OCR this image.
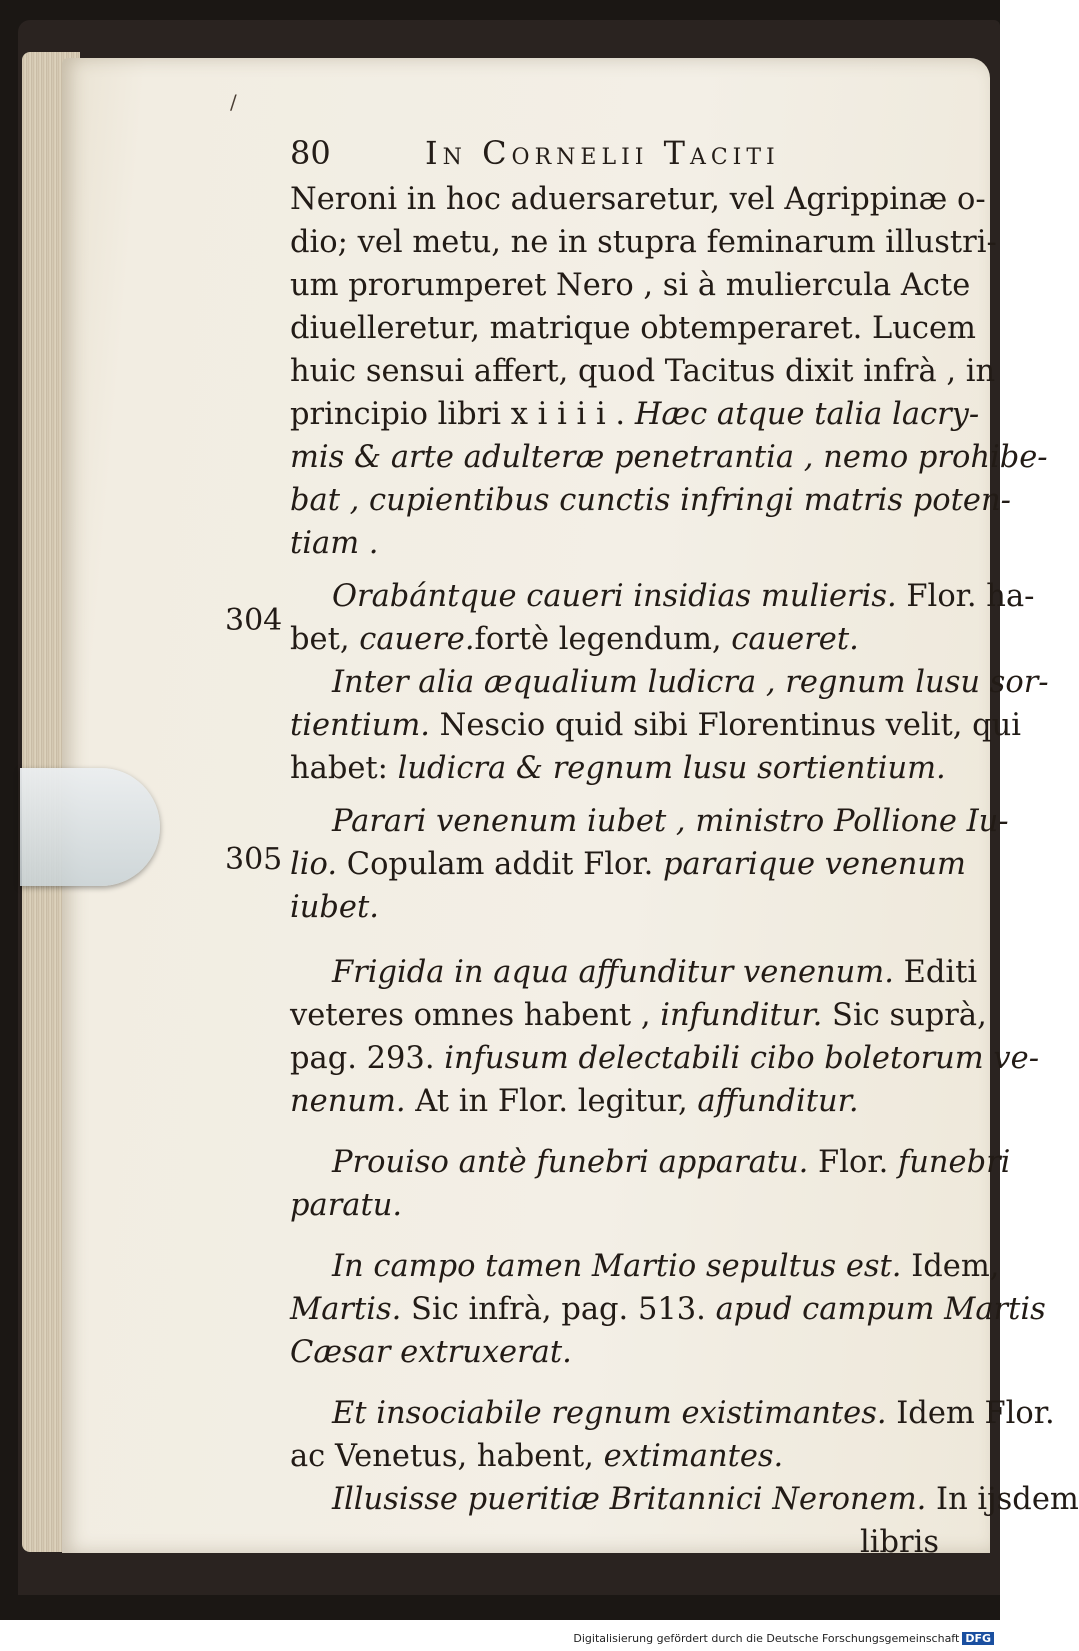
80	In Cornelii Taciti
304
305
/
Neroni in hoc aduersaretur, vel Agrippinæ o-
dio; vel metu, ne in stupra feminarum illustri-
um prorumperet Nero , si à muliercula Acte
diuelleretur, matrique obtemperaret. Lucem
huic sensui affert, quod Tacitus dixit infrà , in
principio libri x i i i i . Hæc atque talia lacry-
mis & arte adulteræ penetrantia , nemo prohibe-
bat , cupientibus cunctis infringi matris poten-
tiam .
Orabántque caueri insidias mulieris. Flor. ha-
bet, cauere.fortè legendum, caueret.
Inter alia æqualium ludicra , regnum lusu sor-
tientium. Nescio quid sibi Florentinus velit, qui
habet: ludicra & regnum lusu sortientium.
Parari venenum iubet , ministro Pollione Iu-
lio. Copulam addit Flor. pararique venenum
iubet.
Frigida in aqua affunditur venenum. Editi
veteres omnes habent , infunditur. Sic suprà,
pag. 293. infusum delectabili cibo boletorum ve-
nenum. At in Flor. legitur, affunditur.
Prouiso antè funebri apparatu. Flor. funebri
paratu.
In campo tamen Martio sepultus est. Idem,
Martis. Sic infrà, pag. 513. apud campum Martis
Cæsar extruxerat.
Et insociabile regnum existimantes. Idem Flor.
ac Venetus, habent, extimantes.
Illusisse pueritiæ Britannici Neronem. In ijsdem
libris
Digitalisierung gefördert durch die Deutsche Forschungsgemeinschaft DFG
